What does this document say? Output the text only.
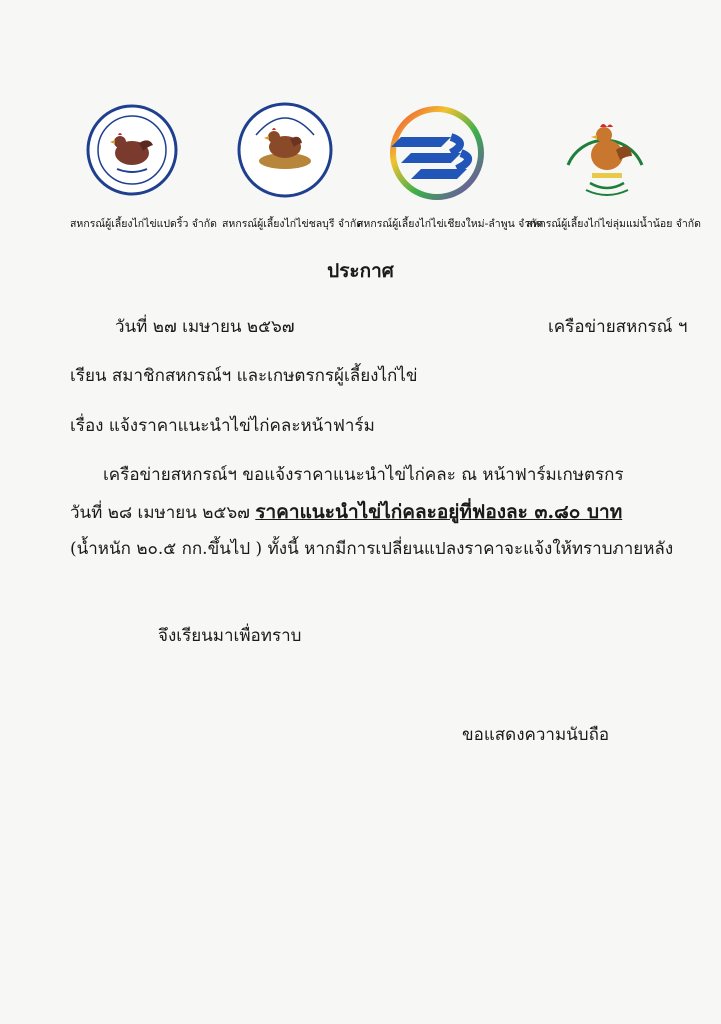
สหกรณ์ผู้เลี้ยงไก่ไข่แปดริ้ว จำกัด สหกรณ์ผู้เลี้ยงไก่ไข่ชลบุรี จำกัด
สหกรณ์ผู้เลี้ยงไก่ไข่เชียงใหม่-ลำพูน จำกัด
สหกรณ์ผู้เลี้ยงไก่ไข่ลุ่มแม่น้ำน้อย จำกัด
ประกาศ
วันที่ ๒๗ เมษายน ๒๕๖๗	เครือข่ายสหกรณ์ ฯ
เรียน สมาชิกสหกรณ์ฯ และเกษตรกรผู้เลี้ยงไก่ไข่
เรื่อง แจ้งราคาแนะนำไข่ไก่คละหน้าฟาร์ม
เครือข่ายสหกรณ์ฯ ขอแจ้งราคาแนะนำไข่ไก่คละ ณ หน้าฟาร์มเกษตรกร
วันที่ ๒๘ เมษายน ๒๕๖๗ ราคาแนะนำไข่ไก่คละอยู่ที่ฟองละ ๓.๘๐ บาท
(น้ำหนัก ๒๐.๕ กก.ขึ้นไป ) ทั้งนี้ หากมีการเปลี่ยนแปลงราคาจะแจ้งให้ทราบภายหลัง
จึงเรียนมาเพื่อทราบ
ขอแสดงความนับถือ
